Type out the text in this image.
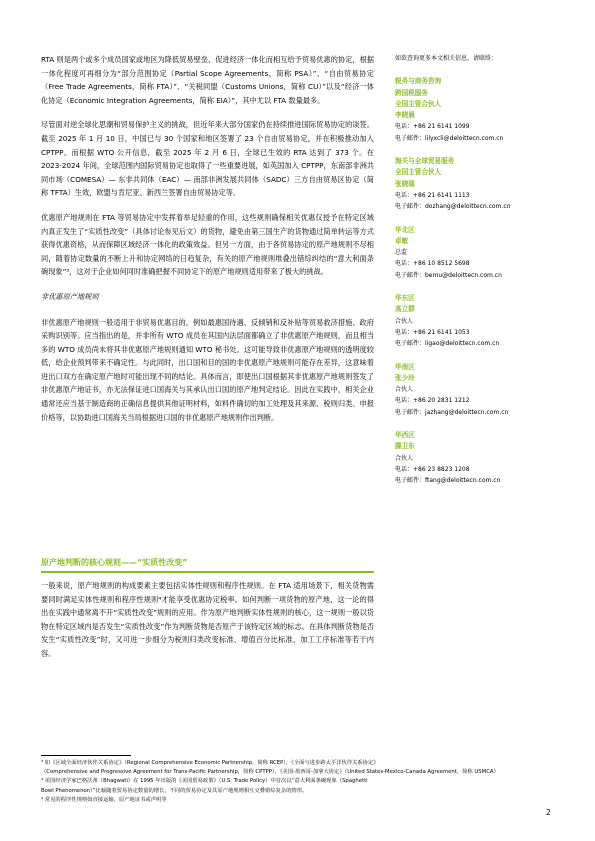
RTA 则是两个或多个成员国家或地区为降低贸易壁垒、促进经济一体化而相互给予贸易优惠的协定，根据一体化程度可再细分为“部分范围协定（Partial Scope Agreements，简称 PSA）”、“自由贸易协定（Free Trade Agreements，简称 FTA）”、“关税同盟（Customs Unions，简称 CU）”以及“经济一体化协定（Economic Integration Agreements，简称 EIA）”，其中尤以 FTA 数量最多。

尽管面对逆全球化思潮和贸易保护主义的挑战，但近年来大部分国家仍在持续推进国际贸易协定的谈签。截至 2025 年 1 月 10 日，中国已与 30 个国家和地区签署了 23 个自由贸易协定，并在积极推动加入 CPTPP。而根据 WTO 公开信息，截至 2025 年 2 月 6 日，全球已生效的 RTA 达到了 373 个。在 2023-2024 年间，全球范围内国际贸易协定也取得了一些重要进展，如英国加入 CPTPP，东南部非洲共同市场（COMESA）— 东非共同体（EAC）— 南部非洲发展共同体（SADC）三方自由贸易区协定（简称 TFTA）生效，欧盟与肯尼亚、新西兰签署自由贸易协定等。

优惠原产地规则在 FTA 等贸易协定中发挥着举足轻重的作用，这些规则确保相关优惠仅授予在特定区域内真正发生了“实质性改变”（具体讨论参见后文）的货物，避免由第三国生产的货物通过简单转运等方式获得优惠资格，从而保障区域经济一体化的政策效益。但另一方面，由于各贸易协定的原产地规则不尽相同，随着协定数量的不断上升和协定网络的日趋复杂，有关的原产地规则堆叠出错综纠结的“意大利面条碗现象”³，这对于企业如何同时准确把握不同协定下的原产地规则适用带来了极大的挑战。

非优惠原产地规则

非优惠原产地规则一般适用于非贸易优惠目的，例如最惠国待遇、反倾销和反补贴等贸易救济措施、政府采购识别等。应当指出的是，并非所有 WTO 成员在其国内法层面都确立了非优惠原产地规则，而且相当多的 WTO 成员尚未将其非优惠原产地规则通知 WTO 秘书处。这可能导致非优惠原产地规则的透明度较低，给企业预判带来不确定性。与此同时，出口国和目的国的非优惠原产地规则可能存在差异，这意味着进出口双方在确定原产地时可能出现不同的结论。具体而言，即使出口国根据其非优惠原产地规则签发了非优惠原产地证书，亦无法保证进口国海关与其承认出口国的原产地判定结论。因此在实践中，相关企业通常还应当基于制造商的正确信息提供其他证明材料，如料件确切的加工处理及其来源、税则归类、申报价格等，以协助进口国海关当局根据进口国的非优惠原产地规则作出判断。

原产地判断的核心规则——“实质性改变”

一般来说，原产地规则的构成要素主要包括实体性规则和程序性规则。在 FTA 适用场景下，相关货物需要同时满足实体性规则和程序性规则⁴才能享受优惠协定税率。如何判断一项货物的原产地，这一论的得出在实践中通常离不开“实质性改变”规则的应用。作为原产地判断实体性规则的核心，这一规则一般以货物在特定区域内是否发生“实质性改变”作为判断货物是否原产于该特定区域的标志。在具体判断货物是否发生“实质性改变”时，又可进一步细分为税则归类改变标准、增值百分比标准、加工工序标准等若干内容。

如欲查询更多本文相关信息，请联络：
税务与商务咨询
跨国税服务
全国主管合伙人
李晓晨
电话：+86 21 6141 1099
电子邮件：lilyxcli@deloittecn.com.cn
海关与全球贸易服务
全国主管合伙人
张晓瑞
电话：+86 21 6141 1113
电子邮件：dozhang@deloittecn.com.cn
华北区
卓敏
总监
电话：+86 10 8512 5698
电子邮件：bemu@deloittecn.com.cn
华东区
高立群
合伙人
电话：+86 21 6141 1053
电子邮件：ligao@deloittecn.com.cn
华南区
张少玲
合伙人
电话：+86 20 2831 1212
电子邮件：jazhang@deloittecn.com.cn
华西区
滕卫东
合伙人
电话：+86 23 8823 1208
电子邮件：ftang@deloittecn.com.cn
³ 如《区域全面经济伙伴关系协定》（Regional Comprehensive Economic Partnership，简称 RCEP），《全面与进步跨太平洋伙伴关系协定》
（Comprehensive and Progressive Agreement for Trans-Pacific Partnership，简称 CPTPP），《美国-墨西哥-加拿大协定》（United States-Mexico-Canada Agreement，简称 USMCA）
⁴ 美国经济学家巴格沃蒂（Bhagwati）在 1995 年出版的《美国贸易政策》（U.S. Trade Policy）中首次以“意大利面条碗现象（Spaghetti
Bowl Phenomenon）”比喻随着贸易协定数量的增长，不同的贸易协定及其原产地规则相互交叠错综复杂的情形。
⁴ 常见的程序性规则如直接运输、原产地证书或声明等
2
